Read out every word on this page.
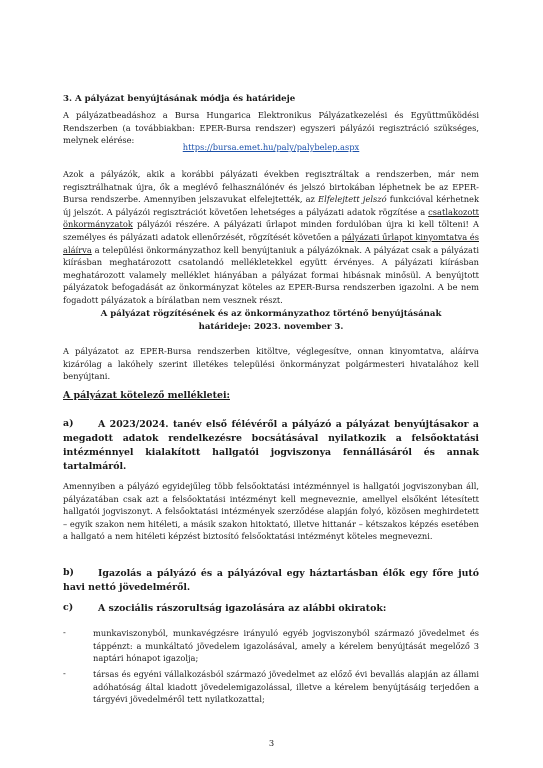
3. A pályázat benyújtásának módja és határideje
A pályázatbeadáshoz a Bursa Hungarica Elektronikus Pályázatkezelési és Együttműködési Rendszerben (a továbbiakban: EPER-Bursa rendszer) egyszeri pályázói regisztráció szükséges, melynek elérése:
https://bursa.emet.hu/paly/palybelep.aspx
Azok a pályázók, akik a korábbi pályázati években regisztráltak a rendszerben, már nem regisztrálhatnak újra, ők a meglévő felhasználónév és jelszó birtokában léphetnek be az EPER-Bursa rendszerbe. Amennyiben jelszavukat elfelejtették, az Elfelejtett jelszó funkcióval kérhetnek új jelszót. A pályázói regisztrációt követően lehetséges a pályázati adatok rögzítése a csatlakozott önkormányzatok pályázói részére. A pályázati űrlapot minden fordulóban újra ki kell tölteni! A személyes és pályázati adatok ellenőrzését, rögzítését követően a pályázati űrlapot kinyomtatva és aláírva a települési önkormányzathoz kell benyújtaniuk a pályázóknak. A pályázat csak a pályázati kiírásban meghatározott csatolandó mellékletekkel együtt érvényes. A pályázati kiírásban meghatározott valamely melléklet hiányában a pályázat formai hibásnak minősül. A benyújtott pályázatok befogadását az önkormányzat köteles az EPER-Bursa rendszerben igazolni. A be nem fogadott pályázatok a bírálatban nem vesznek részt.
A pályázat rögzítésének és az önkormányzathoz történő benyújtásának
határideje: 2023. november 3.
A pályázatot az EPER-Bursa rendszerben kitöltve, véglegesítve, onnan kinyomtatva, aláírva kizárólag a lakóhely szerint illetékes települési önkormányzat polgármesteri hivatalához kell benyújtani.
A pályázat kötelező mellékletei:
a)	A 2023/2024. tanév első félévéről a pályázó a pályázat benyújtásakor a megadott adatok rendelkezésre bocsátásával nyilatkozik a felsőoktatási intézménnyel kialakított hallgatói jogviszonya fennállásáról és annak tartalmáról.
Amennyiben a pályázó egyidejűleg több felsőoktatási intézménnyel is hallgatói jogviszonyban áll, pályázatában csak azt a felsőoktatási intézményt kell megneveznie, amellyel elsőként létesített hallgatói jogviszonyt. A felsőoktatási intézmények szerződése alapján folyó, közösen meghirdetett – egyik szakon nem hitéleti, a másik szakon hitoktató, illetve hittanár – kétszakos képzés esetében a hallgató a nem hitéleti képzést biztosító felsőoktatási intézményt köteles megnevezni.
b)	Igazolás a pályázó és a pályázóval egy háztartásban élők egy főre jutó havi nettó jövedelméről.
c)	A szociális rászorultság igazolására az alábbi okiratok:
-	munkaviszonyból, munkavégzésre irányuló egyéb jogviszonyból származó jövedelmet és táppénzt: a munkáltató jövedelem igazolásával, amely a kérelem benyújtását megelőző 3 naptári hónapot igazolja;
-	társas és egyéni vállalkozásból származó jövedelmet az előző évi bevallás alapján az állami adóhatóság által kiadott jövedelemigazolással, illetve a kérelem benyújtásáig terjedően a tárgyévi jövedelméről tett nyilatkozattal;
3
